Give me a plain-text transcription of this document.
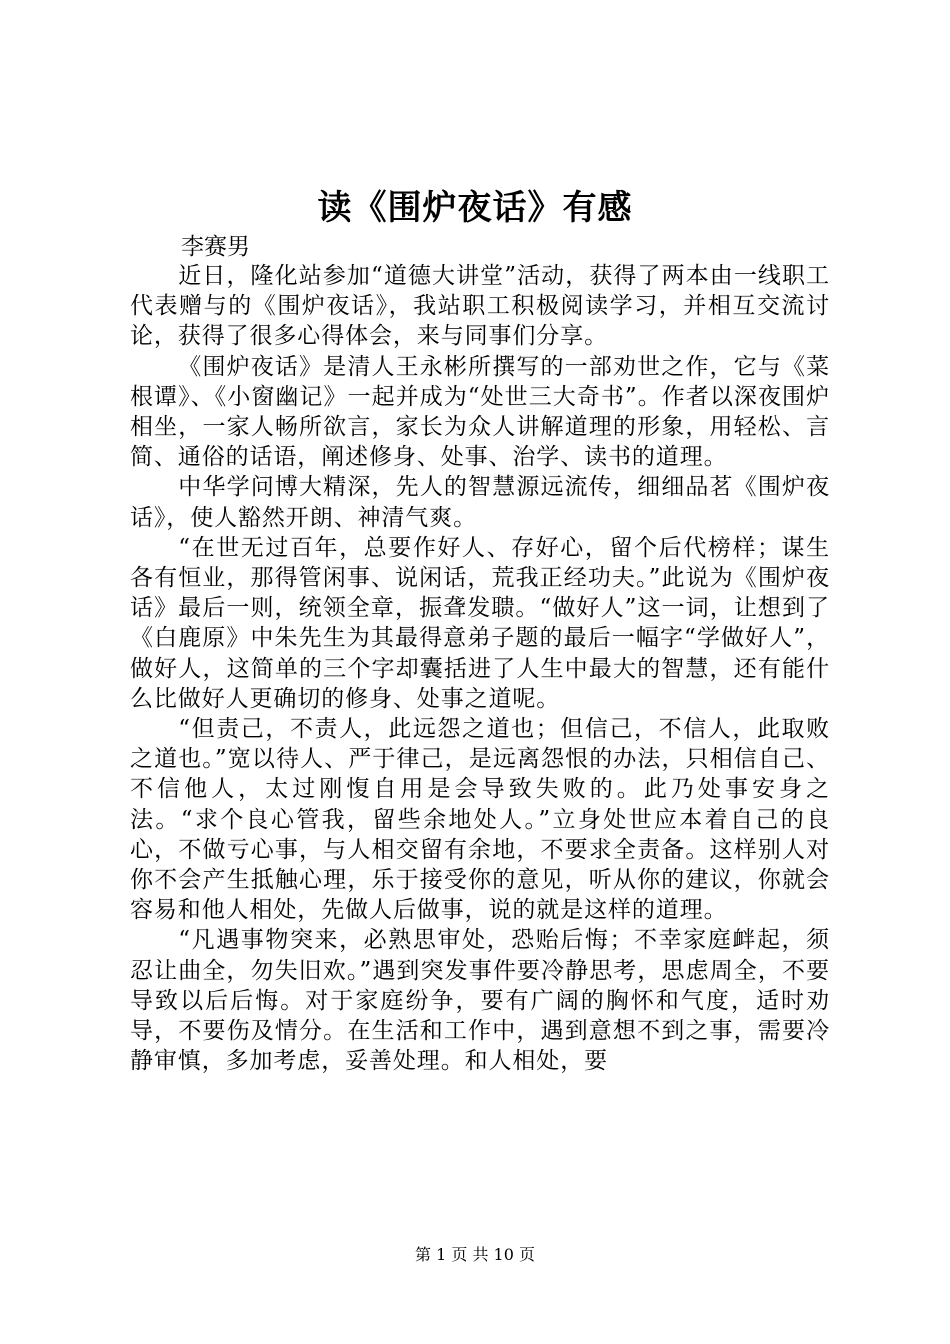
读《围炉夜话》有感
李赛男

近日，隆化站参加“道德大讲堂”活动，获得了两本由一线职工代表赠与的《围炉夜话》，我站职工积极阅读学习，并相互交流讨论，获得了很多心得体会，来与同事们分享。

《围炉夜话》是清人王永彬所撰写的一部劝世之作，它与《菜根谭》、《小窗幽记》一起并成为“处世三大奇书”。作者以深夜围炉相坐，一家人畅所欲言，家长为众人讲解道理的形象，用轻松、言简、通俗的话语，阐述修身、处事、治学、读书的道理。

中华学问博大精深，先人的智慧源远流传，细细品茗《围炉夜话》，使人豁然开朗、神清气爽。

“在世无过百年，总要作好人、存好心，留个后代榜样；谋生各有恒业，那得管闲事、说闲话，荒我正经功夫。”此说为《围炉夜话》最后一则，统领全章，振聋发聩。“做好人”这一词，让想到了《白鹿原》中朱先生为其最得意弟子题的最后一幅字“学做好人”，做好人，这简单的三个字却囊括进了人生中最大的智慧，还有能什么比做好人更确切的修身、处事之道呢。

“但责己，不责人，此远怨之道也；但信己，不信人，此取败之道也。”宽以待人、严于律己，是远离怨恨的办法，只相信自己、不信他人，太过刚愎自用是会导致失败的。此乃处事安身之法。“求个良心管我，留些余地处人。”立身处世应本着自己的良心，不做亏心事，与人相交留有余地，不要求全责备。这样别人对你不会产生抵触心理，乐于接受你的意见，听从你的建议，你就会容易和他人相处，先做人后做事，说的就是这样的道理。

“凡遇事物突来，必熟思审处，恐贻后悔；不幸家庭衅起，须忍让曲全，勿失旧欢。”遇到突发事件要冷静思考，思虑周全，不要导致以后后悔。对于家庭纷争，要有广阔的胸怀和气度，适时劝导，不要伤及情分。在生活和工作中，遇到意想不到之事，需要冷静审慎，多加考虑，妥善处理。和人相处，要

第 1 页 共 10 页
